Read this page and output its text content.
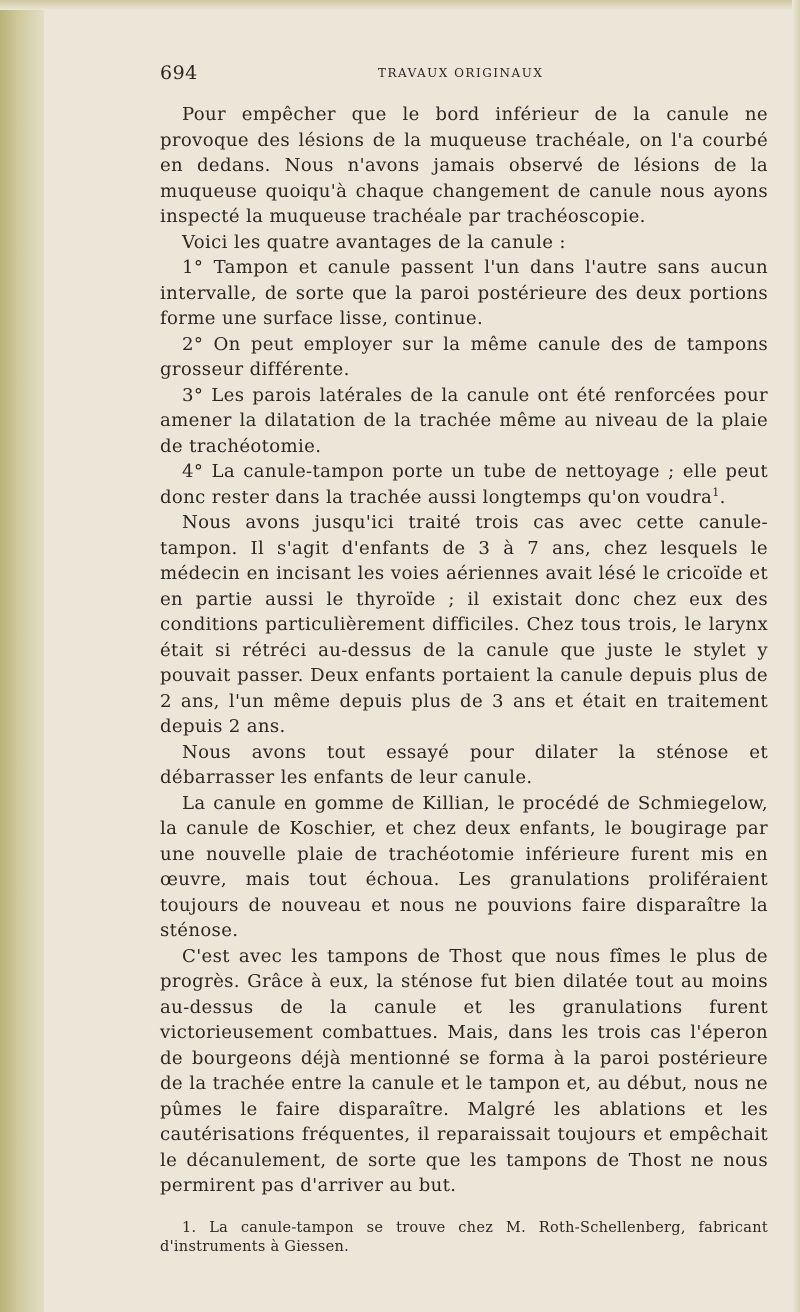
694	TRAVAUX ORIGINAUX

Pour empêcher que le bord inférieur de la canule ne provoque des lésions de la muqueuse trachéale, on l'a courbé en dedans. Nous n'avons jamais observé de lésions de la muqueuse quoiqu'à chaque changement de canule nous ayons inspecté la muqueuse trachéale par trachéoscopie.

Voici les quatre avantages de la canule :

1° Tampon et canule passent l'un dans l'autre sans aucun intervalle, de sorte que la paroi postérieure des deux portions forme une surface lisse, continue.

2° On peut employer sur la même canule des de tampons grosseur différente.

3° Les parois latérales de la canule ont été renforcées pour amener la dilatation de la trachée même au niveau de la plaie de trachéotomie.

4° La canule-tampon porte un tube de nettoyage ; elle peut donc rester dans la trachée aussi longtemps qu'on voudra$^1$.

Nous avons jusqu'ici traité trois cas avec cette canule-tampon. Il s'agit d'enfants de 3 à 7 ans, chez lesquels le médecin en incisant les voies aériennes avait lésé le cricoïde et en partie aussi le thyroïde ; il existait donc chez eux des conditions particulièrement difficiles. Chez tous trois, le larynx était si rétréci au-dessus de la canule que juste le stylet y pouvait passer. Deux enfants portaient la canule depuis plus de 2 ans, l'un même depuis plus de 3 ans et était en traitement depuis 2 ans.

Nous avons tout essayé pour dilater la sténose et débarrasser les enfants de leur canule.

La canule en gomme de Killian, le procédé de Schmiegelow, la canule de Koschier, et chez deux enfants, le bougirage par une nouvelle plaie de trachéotomie inférieure furent mis en œuvre, mais tout échoua. Les granulations proliféraient toujours de nouveau et nous ne pouvions faire disparaître la sténose.

C'est avec les tampons de Thost que nous fîmes le plus de progrès. Grâce à eux, la sténose fut bien dilatée tout au moins au-dessus de la canule et les granulations furent victorieusement combattues. Mais, dans les trois cas l'éperon de bourgeons déjà mentionné se forma à la paroi postérieure de la trachée entre la canule et le tampon et, au début, nous ne pûmes le faire disparaître. Malgré les ablations et les cautérisations fréquentes, il reparaissait toujours et empêchait le décanulement, de sorte que les tampons de Thost ne nous permirent pas d'arriver au but.

1. La canule-tampon se trouve chez M. Roth-Schellenberg, fabricant d'instruments à Giessen.
